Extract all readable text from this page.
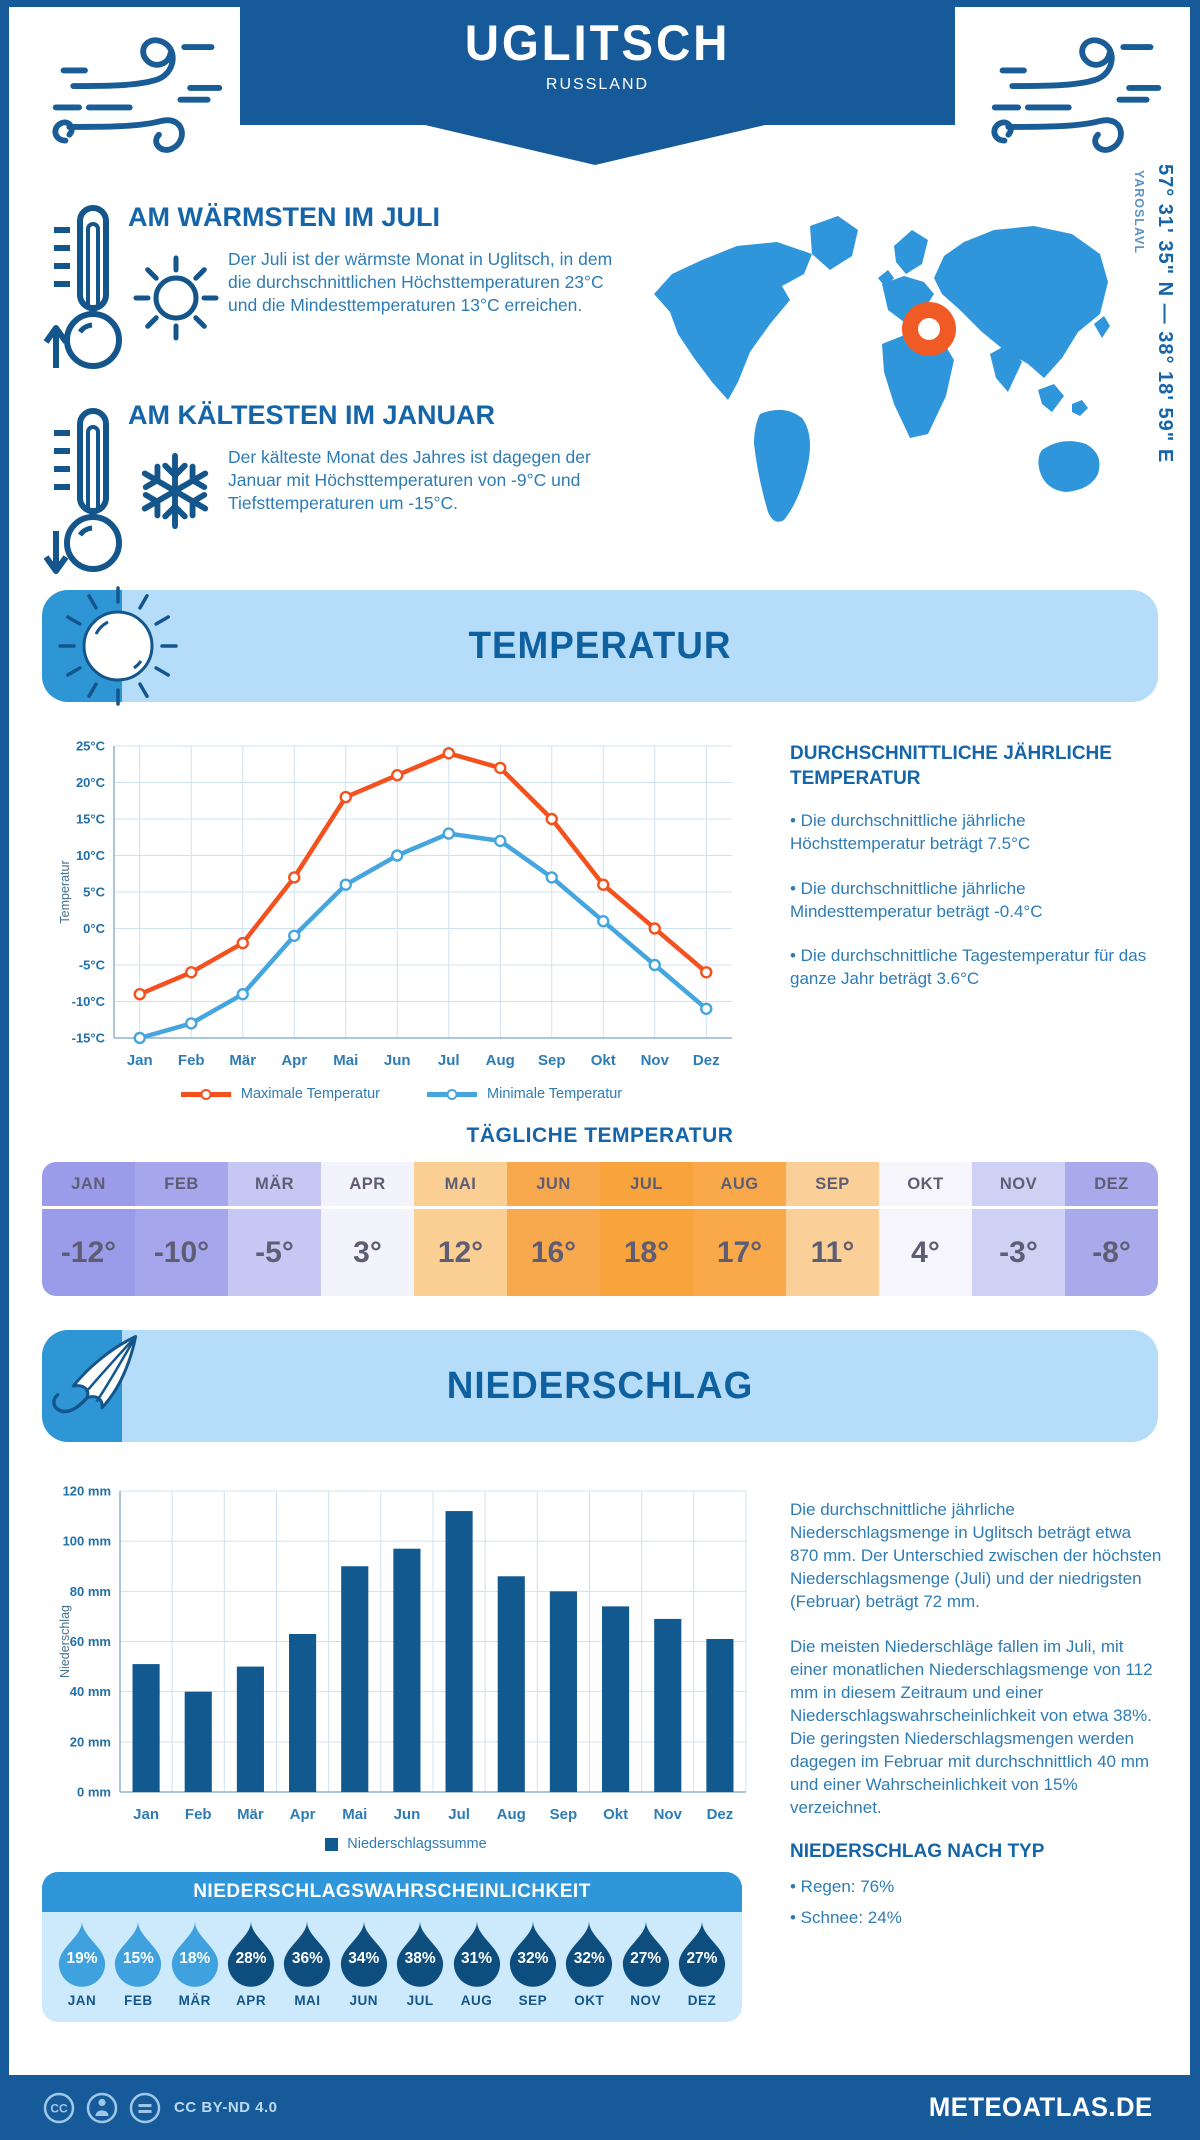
UGLITSCH
RUSSLAND
AM WÄRMSTEN IM JULI
Der Juli ist der wärmste Monat in Uglitsch, in dem die durchschnittlichen Höchsttemperaturen 23°C und die Mindesttemperaturen 13°C erreichen.
AM KÄLTESTEN IM JANUAR
Der kälteste Monat des Jahres ist dagegen der Januar mit Höchsttemperaturen von -9°C und Tiefsttemperaturen um -15°C.
57° 31' 35" N — 38° 18' 59" E
YAROSLAVL
TEMPERATUR
-15°C
-10°C
-5°C
0°C
5°C
10°C
15°C
20°C
25°C
Jan Feb Mär Apr Mai Jun Jul Aug Sep Okt Nov Dez
Temperatur
Maximale Temperatur	Minimale Temperatur
DURCHSCHNITTLICHE JÄHRLICHE TEMPERATUR

• Die durchschnittliche jährliche Höchsttemperatur beträgt 7.5°C

• Die durchschnittliche jährliche Mindesttemperatur beträgt -0.4°C

• Die durchschnittliche Tagestemperatur für das ganze Jahr beträgt 3.6°C

TÄGLICHE TEMPERATUR
JAN
-12°
FEB
-10°
MÄR
-5°
APR
3°
MAI
12°
JUN
16°
JUL
18°
AUG
17°
SEP
11°
OKT
4°
NOV
-3°
DEZ
-8°
NIEDERSCHLAG
0 mm
20 mm
40 mm
60 mm
80 mm
100 mm
120 mm
Jan Feb Mär Apr Mai Jun Jul Aug Sep Okt Nov Dez
Niederschlag
Niederschlagssumme

Die durchschnittliche jährliche Niederschlagsmenge in Uglitsch beträgt etwa 870 mm. Der Unterschied zwischen der höchsten Niederschlagsmenge (Juli) und der niedrigsten (Februar) beträgt 72 mm.

Die meisten Niederschläge fallen im Juli, mit einer monatlichen Niederschlagsmenge von 112 mm in diesem Zeitraum und einer Niederschlagswahrscheinlichkeit von etwa 38%. Die geringsten Niederschlagsmengen werden dagegen im Februar mit durchschnittlich 40 mm und einer Wahrscheinlichkeit von 15% verzeichnet.

NIEDERSCHLAG NACH TYP

• Regen: 76%

• Schnee: 24%

NIEDERSCHLAGSWAHRSCHEINLICHKEIT
19%
JAN
15%
FEB
18%
MÄR
28%
APR
36%
MAI
34%
JUN
38%
JUL
31%
AUG
32%
SEP
32%
OKT
27%
NOV
27%
DEZ
CC	CC BY-ND 4.0	METEOATLAS.DE
